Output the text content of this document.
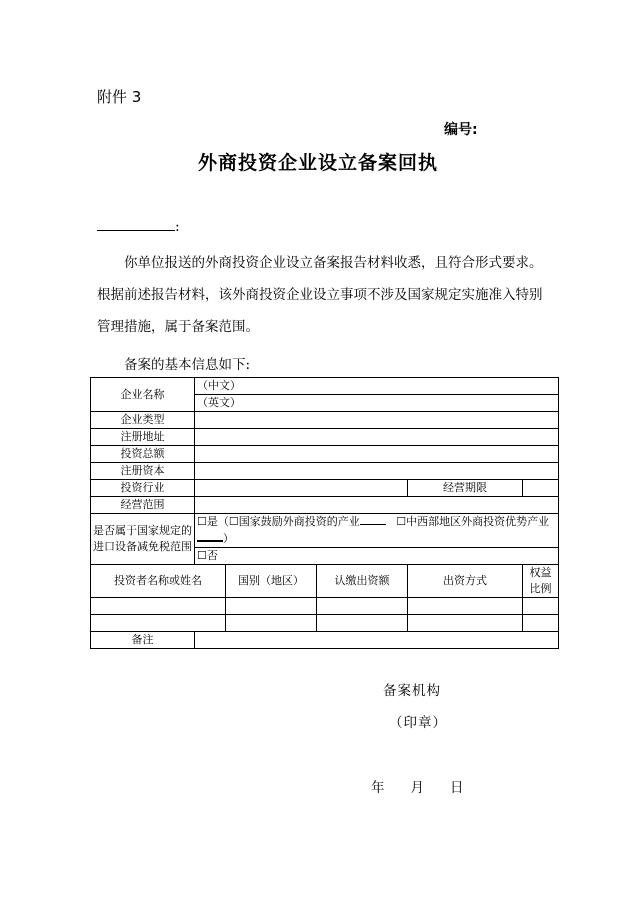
附件 3
编号:
外商投资企业设立备案回执
:
你单位报送的外商投资企业设立备案报告材料收悉，且符合形式要求。根据前述报告材料，该外商投资企业设立事项不涉及国家规定实施准入特别管理措施，属于备案范围。
备案的基本信息如下:
企业名称	（中文）				
	（英文）				
企业类型					
注册地址					
投资总额					
注册资本					
投资行业				经营期限	
经营范围					
是否属于国家规定的进口设备减免税范围	☐是（☐国家鼓励外商投资的产业 ☐中西部地区外商投资优势产业）				
	☐否				
投资者名称或姓名		国别（地区）	认缴出资额	出资方式	权益比例

备注					
备案机构
（印章）
年 月 日
